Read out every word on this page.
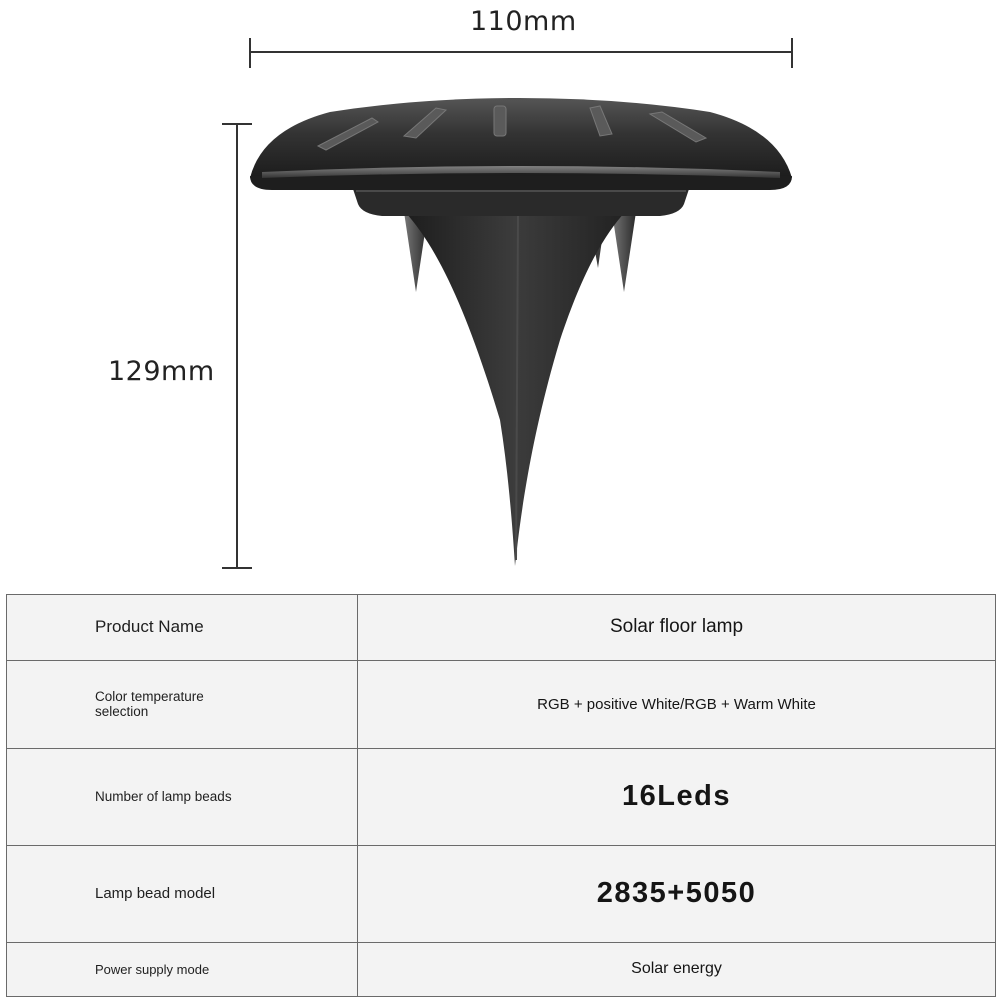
110mm
129mm
Product Name	Solar floor lamp

Color temperature selection	RGB + positive White/RGB + Warm White

Number of lamp beads	16Leds
Lamp bead model	2835+5050
Power supply mode	Solar energy
